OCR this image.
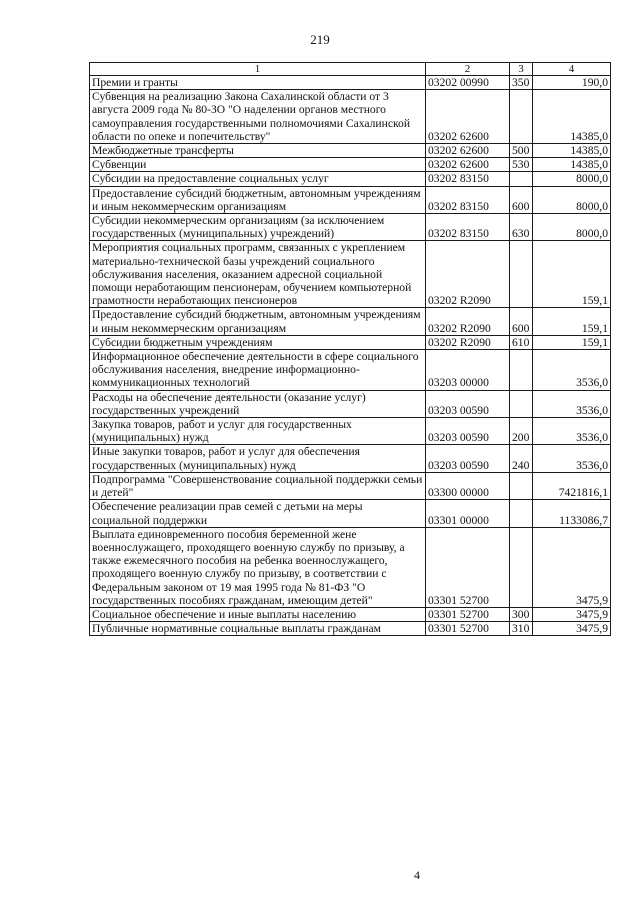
219
1	2	3	4
Премии и гранты	03202 00990	350	190,0
Субвенция на реализацию Закона Сахалинской области от 3 августа 2009 года № 80-ЗО "О наделении органов местного самоуправления государственными полномочиями Сахалинской области по опеке и попечительству"	03202 62600		14385,0
Межбюджетные трансферты	03202 62600	500	14385,0
Субвенции	03202 62600	530	14385,0
Субсидии на предоставление социальных услуг	03202 83150		8000,0
Предоставление субсидий бюджетным, автономным учреждениям и иным некоммерческим организациям	03202 83150	600	8000,0
Субсидии некоммерческим организациям (за исключением государственных (муниципальных) учреждений)	03202 83150	630	8000,0
Мероприятия социальных программ, связанных с укреплением материально-технической базы учреждений социального обслуживания населения, оказанием адресной социальной помощи неработающим пенсионерам, обучением компьютерной грамотности неработающих пенсионеров	03202 R2090		159,1
Предоставление субсидий бюджетным, автономным учреждениям и иным некоммерческим организациям	03202 R2090	600	159,1
Субсидии бюджетным учреждениям	03202 R2090	610	159,1
Информационное обеспечение деятельности в сфере социального обслуживания населения, внедрение информационно-коммуникационных технологий	03203 00000		3536,0
Расходы на обеспечение деятельности (оказание услуг) государственных учреждений	03203 00590		3536,0
Закупка товаров, работ и услуг для государственных (муниципальных) нужд	03203 00590	200	3536,0
Иные закупки товаров, работ и услуг для обеспечения государственных (муниципальных) нужд	03203 00590	240	3536,0
Подпрограмма "Совершенствование социальной поддержки семьи и детей"	03300 00000		7421816,1
Обеспечение реализации прав семей с детьми на меры социальной поддержки	03301 00000		1133086,7
Выплата единовременного пособия беременной жене военнослужащего, проходящего военную службу по призыву, а также ежемесячного пособия на ребенка военнослужащего, проходящего военную службу по призыву, в соответствии с Федеральным законом от 19 мая 1995 года № 81-ФЗ "О государственных пособиях гражданам, имеющим детей"	03301 52700		3475,9
Социальное обеспечение и иные выплаты населению	03301 52700	300	3475,9
Публичные нормативные социальные выплаты гражданам	03301 52700	310	3475,9
4
